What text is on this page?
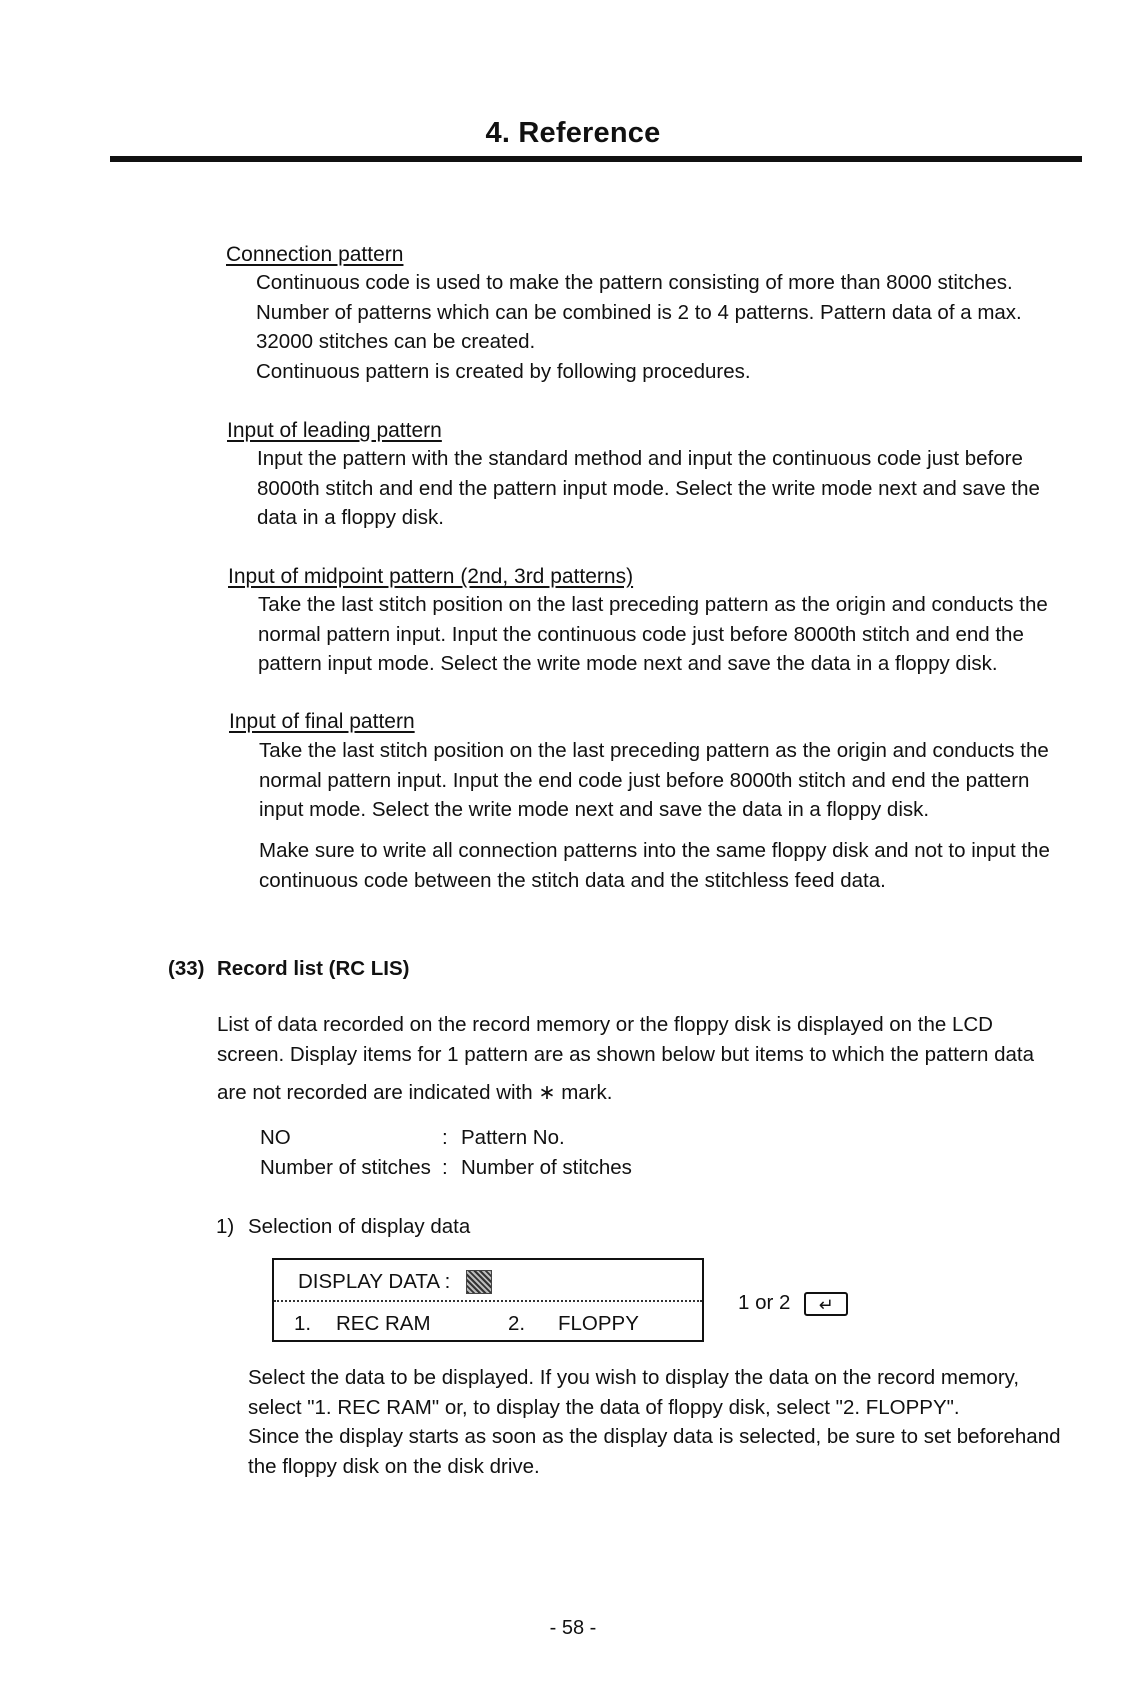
4. Reference
Connection pattern

Continuous code is used to make the pattern consisting of more than 8000 stitches.

Number of patterns which can be combined is 2 to 4 patterns. Pattern data of a max.

32000 stitches can be created.

Continuous pattern is created by following procedures.

Input of leading pattern

Input the pattern with the standard method and input the continuous code just before

8000th stitch and end the pattern input mode. Select the write mode next and save the

data in a floppy disk.

Input of midpoint pattern (2nd, 3rd patterns)

Take the last stitch position on the last preceding pattern as the origin and conducts the

normal pattern input. Input the continuous code just before 8000th stitch and end the

pattern input mode. Select the write mode next and save the data in a floppy disk.

Input of final pattern

Take the last stitch position on the last preceding pattern as the origin and conducts the

normal pattern input. Input the end code just before 8000th stitch and end the pattern

input mode. Select the write mode next and save the data in a floppy disk.

Make sure to write all connection patterns into the same floppy disk and not to input the

continuous code between the stitch data and the stitchless feed data.

(33) Record list (RC LIS)

List of data recorded on the record memory or the floppy disk is displayed on the LCD

screen. Display items for 1 pattern are as shown below but items to which the pattern data

are not recorded are indicated with ∗ mark.

NO	: Pattern No.
Number of stitches : Number of stitches
1) Selection of display data
DISPLAY DATA :
1. REC RAM	2. FLOPPY
1 or 2 ↵

Select the data to be displayed. If you wish to display the data on the record memory,

select "1. REC RAM" or, to display the data of floppy disk, select "2. FLOPPY".

Since the display starts as soon as the display data is selected, be sure to set beforehand

the floppy disk on the disk drive.

- 58 -
